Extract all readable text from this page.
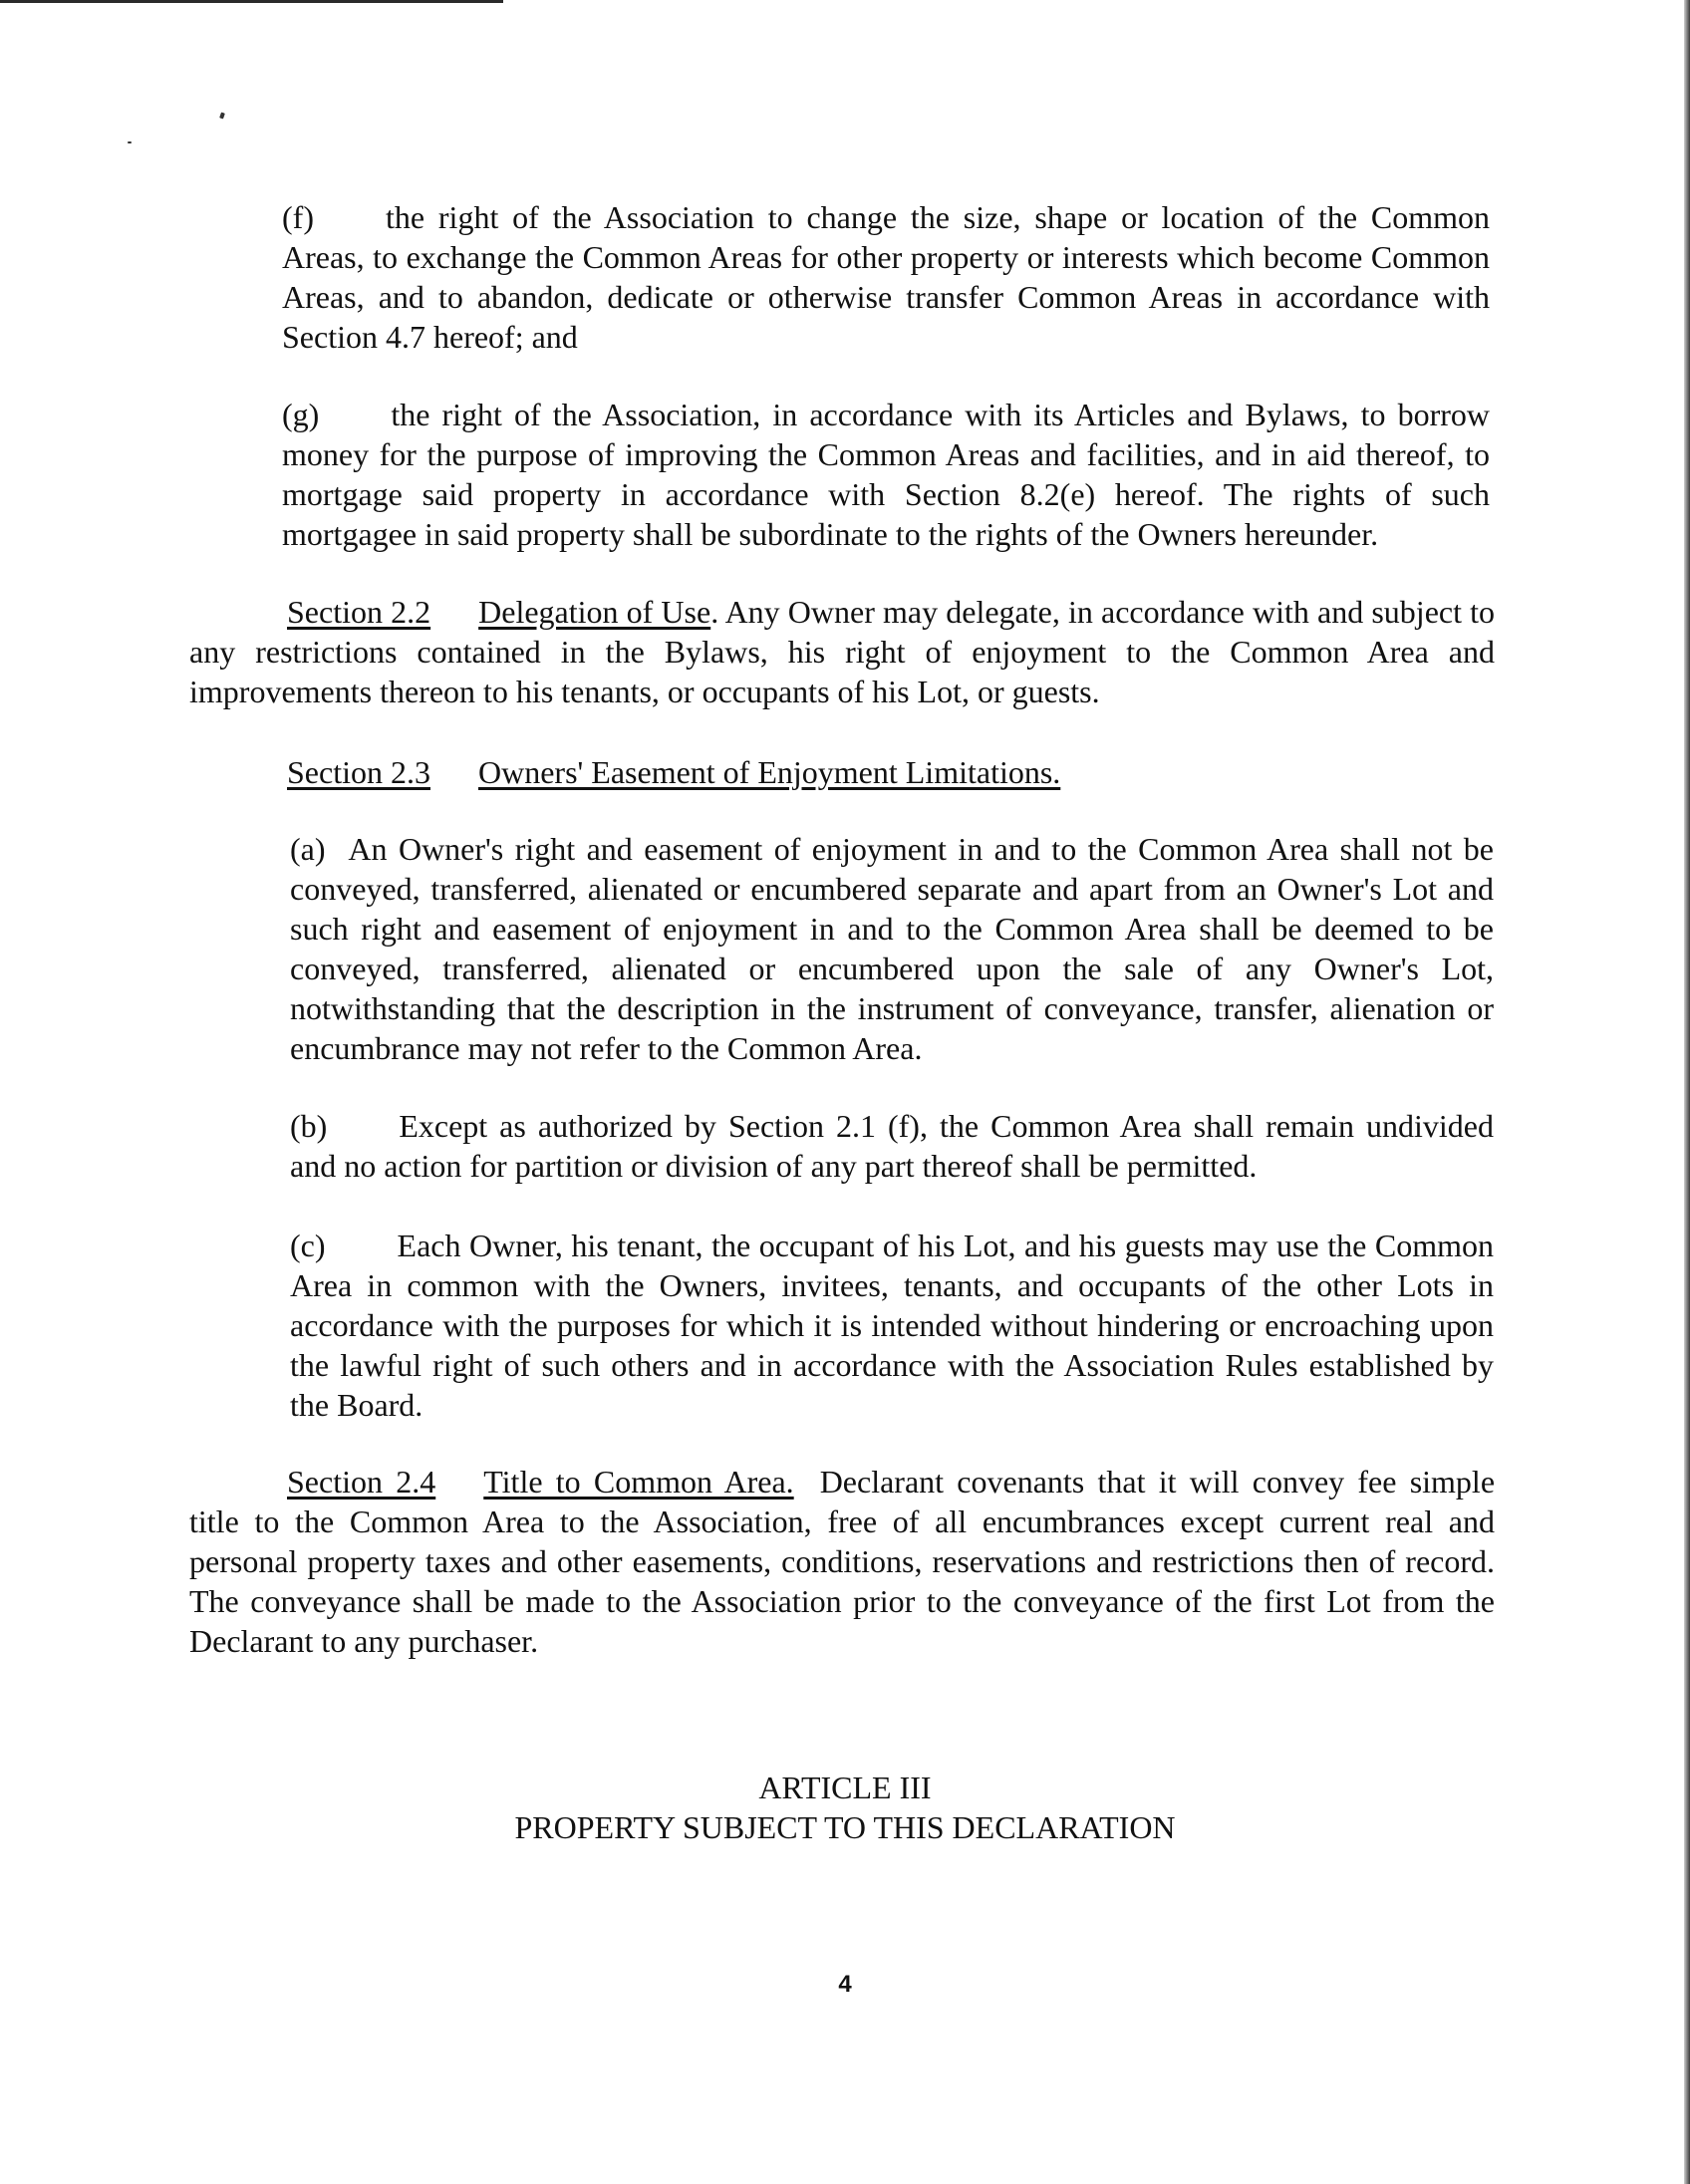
(f) the right of the Association to change the size, shape or location of the Common Areas, to exchange the Common Areas for other property or interests which become Common Areas, and to abandon, dedicate or otherwise transfer Common Areas in accordance with Section 4.7 hereof; and

(g) the right of the Association, in accordance with its Articles and Bylaws, to borrow money for the purpose of improving the Common Areas and facilities, and in aid thereof, to mortgage said property in accordance with Section 8.2(e) hereof. The rights of such mortgagee in said property shall be subordinate to the rights of the Owners hereunder.

Section 2.2 Delegation of Use. Any Owner may delegate, in accordance with and subject to any restrictions contained in the Bylaws, his right of enjoyment to the Common Area and improvements thereon to his tenants, or occupants of his Lot, or guests.

Section 2.3 Owners' Easement of Enjoyment Limitations.

(a) An Owner's right and easement of enjoyment in and to the Common Area shall not be conveyed, transferred, alienated or encumbered separate and apart from an Owner's Lot and such right and easement of enjoyment in and to the Common Area shall be deemed to be conveyed, transferred, alienated or encumbered upon the sale of any Owner's Lot, notwithstanding that the description in the instrument of conveyance, transfer, alienation or encumbrance may not refer to the Common Area.

(b) Except as authorized by Section 2.1 (f), the Common Area shall remain undivided and no action for partition or division of any part thereof shall be permitted.

(c) Each Owner, his tenant, the occupant of his Lot, and his guests may use the Common Area in common with the Owners, invitees, tenants, and occupants of the other Lots in accordance with the purposes for which it is intended without hindering or encroaching upon the lawful right of such others and in accordance with the Association Rules established by the Board.

Section 2.4 Title to Common Area. Declarant covenants that it will convey fee simple title to the Common Area to the Association, free of all encumbrances except current real and personal property taxes and other easements, conditions, reservations and restrictions then of record. The conveyance shall be made to the Association prior to the conveyance of the first Lot from the Declarant to any purchaser.

ARTICLE III

PROPERTY SUBJECT TO THIS DECLARATION

4
